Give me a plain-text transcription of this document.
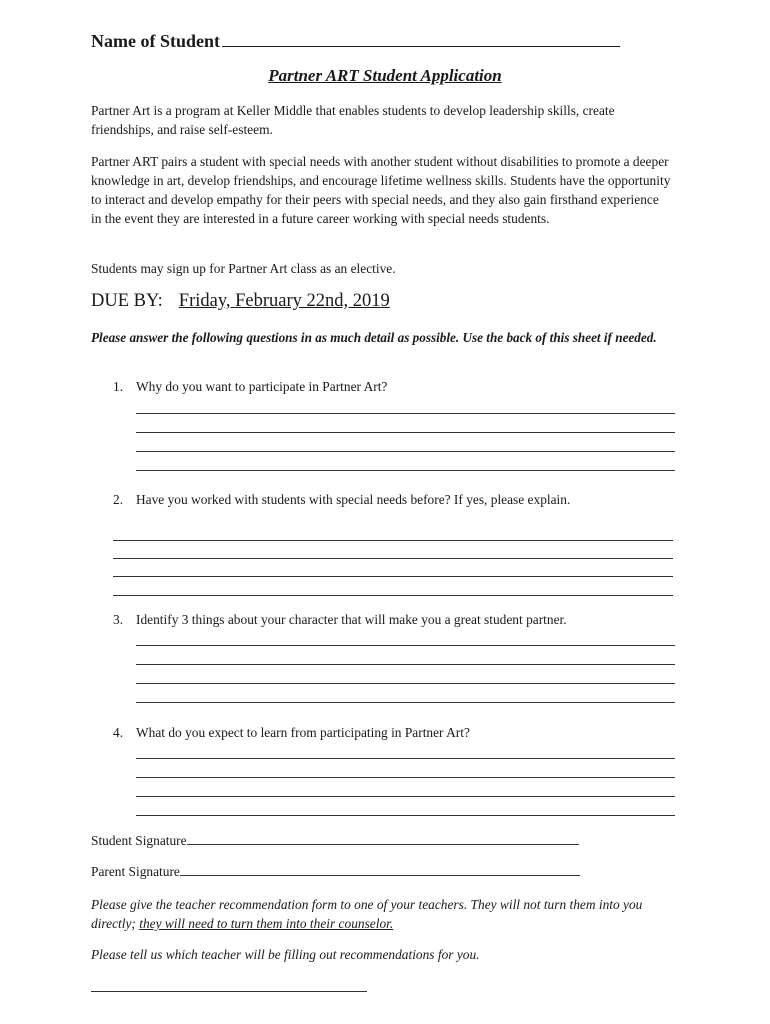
Name of Student
Partner ART Student Application
Partner Art is a program at Keller Middle that enables students to develop leadership skills, create friendships, and raise self-esteem.
Partner ART pairs a student with special needs with another student without disabilities to promote a deeper knowledge in art, develop friendships, and encourage lifetime wellness skills. Students have the opportunity to interact and develop empathy for their peers with special needs, and they also gain firsthand experience in the event they are interested in a future career working with special needs students.
Students may sign up for Partner Art class as an elective.
DUE BY: Friday, February 22nd, 2019
Please answer the following questions in as much detail as possible. Use the back of this sheet if needed.
1. Why do you want to participate in Partner Art?
2. Have you worked with students with special needs before? If yes, please explain.
3. Identify 3 things about your character that will make you a great student partner.
4. What do you expect to learn from participating in Partner Art?
Student Signature
Parent Signature
Please give the teacher recommendation form to one of your teachers. They will not turn them into you directly; they will need to turn them into their counselor.
Please tell us which teacher will be filling out recommendations for you.
